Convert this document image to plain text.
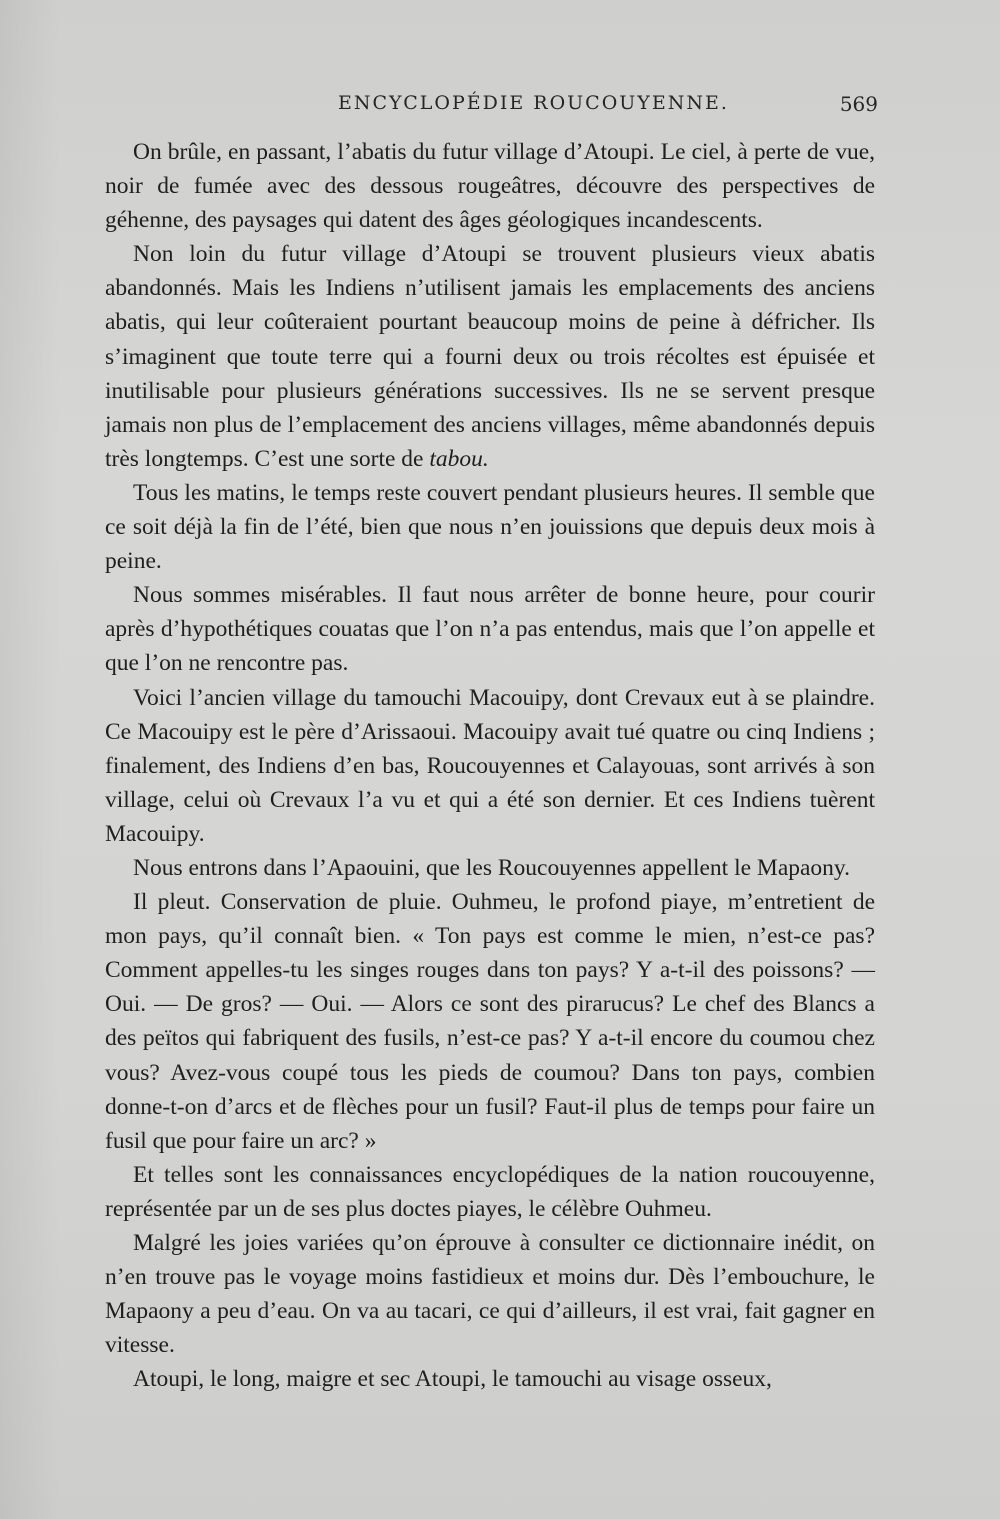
ENCYCLOPÉDIE ROUCOUYENNE.	569

On brûle, en passant, l’abatis du futur village d’Atoupi. Le ciel, à perte de vue, noir de fumée avec des dessous rougeâtres, découvre des perspectives de géhenne, des paysages qui datent des âges géologiques incandescents.

Non loin du futur village d’Atoupi se trouvent plusieurs vieux abatis abandonnés. Mais les Indiens n’utilisent jamais les emplacements des anciens abatis, qui leur coûteraient pourtant beaucoup moins de peine à défricher. Ils s’imaginent que toute terre qui a fourni deux ou trois récoltes est épuisée et inutilisable pour plusieurs générations successives. Ils ne se servent presque jamais non plus de l’emplacement des anciens villages, même abandonnés depuis très longtemps. C’est une sorte de tabou.

Tous les matins, le temps reste couvert pendant plusieurs heures. Il semble que ce soit déjà la fin de l’été, bien que nous n’en jouissions que depuis deux mois à peine.

Nous sommes misérables. Il faut nous arrêter de bonne heure, pour courir après d’hypothétiques couatas que l’on n’a pas entendus, mais que l’on appelle et que l’on ne rencontre pas.

Voici l’ancien village du tamouchi Macouipy, dont Crevaux eut à se plaindre. Ce Macouipy est le père d’Arissaoui. Macouipy avait tué quatre ou cinq Indiens ; finalement, des Indiens d’en bas, Roucouyennes et Calayouas, sont arrivés à son village, celui où Crevaux l’a vu et qui a été son dernier. Et ces Indiens tuèrent Macouipy.

Nous entrons dans l’Apaouini, que les Roucouyennes appellent le Mapaony.

Il pleut. Conservation de pluie. Ouhmeu, le profond piaye, m’entretient de mon pays, qu’il connaît bien. « Ton pays est comme le mien, n’est-ce pas? Comment appelles-tu les singes rouges dans ton pays? Y a-t-il des poissons? — Oui. — De gros? — Oui. — Alors ce sont des pirarucus? Le chef des Blancs a des peïtos qui fabriquent des fusils, n’est-ce pas? Y a-t-il encore du coumou chez vous? Avez-vous coupé tous les pieds de coumou? Dans ton pays, combien donne-t-on d’arcs et de flèches pour un fusil? Faut-il plus de temps pour faire un fusil que pour faire un arc? »

Et telles sont les connaissances encyclopédiques de la nation roucouyenne, représentée par un de ses plus doctes piayes, le célèbre Ouhmeu.

Malgré les joies variées qu’on éprouve à consulter ce dictionnaire inédit, on n’en trouve pas le voyage moins fastidieux et moins dur. Dès l’embouchure, le Mapaony a peu d’eau. On va au tacari, ce qui d’ailleurs, il est vrai, fait gagner en vitesse.

Atoupi, le long, maigre et sec Atoupi, le tamouchi au visage osseux,
